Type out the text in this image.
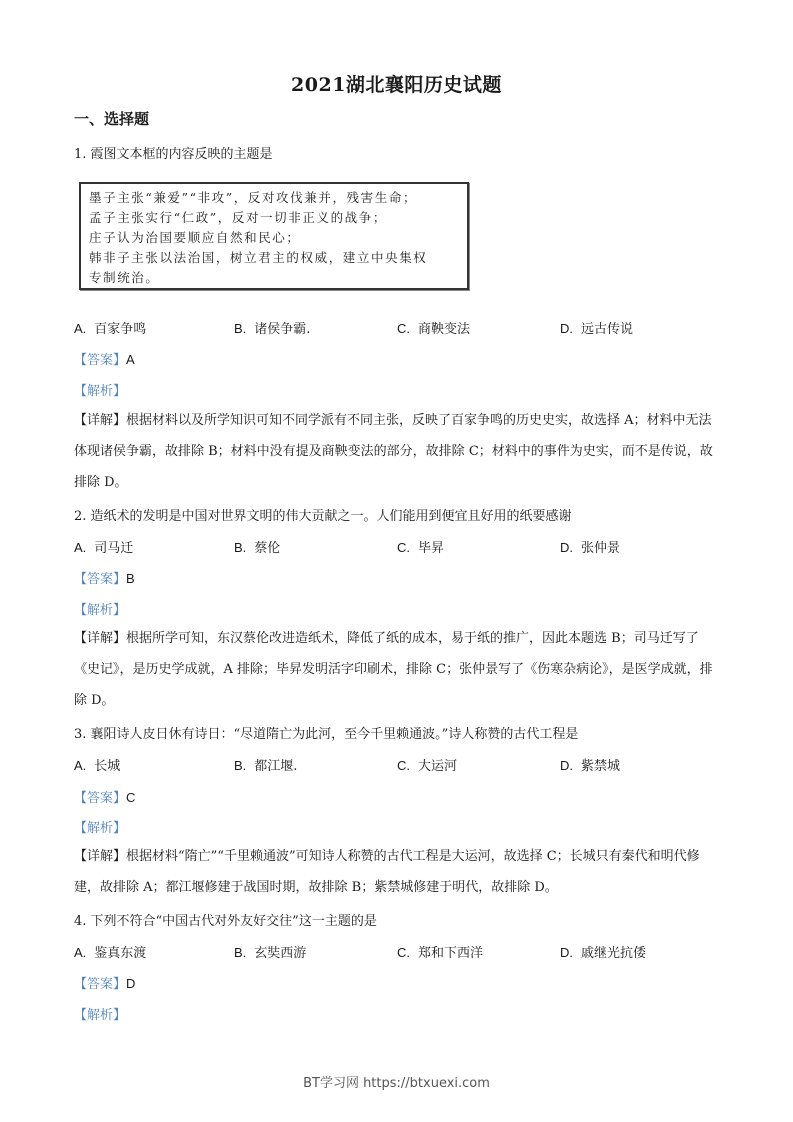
2021湖北襄阳历史试题
一、选择题
1. 霞图文本框的内容反映的主题是
墨子主张“兼爱”“非攻”，反对攻伐兼并，残害生命；
孟子主张实行“仁政”，反对一切非正义的战争；
庄子认为治国要顺应自然和民心；
韩非子主张以法治国，树立君主的权威，建立中央集权
专制统治。
A. 百家争鸣	B. 诸侯争霸.	C. 商鞅变法	D. 远古传说
【答案】A
【解析】
【详解】根据材料以及所学知识可知不同学派有不同主张，反映了百家争鸣的历史史实，故选择 A；材料中无法体现诸侯争霸，故排除 B；材料中没有提及商鞅变法的部分，故排除 C；材料中的事件为史实，而不是传说，故排除 D。
2. 造纸术的发明是中国对世界文明的伟大贡献之一。人们能用到便宜且好用的纸要感谢
A. 司马迁	B. 蔡伦	C. 毕昇	D. 张仲景
【答案】B
【解析】
【详解】根据所学可知，东汉蔡伦改进造纸术，降低了纸的成本，易于纸的推广，因此本题选 B；司马迁写了《史记》，是历史学成就，A 排除；毕昇发明活字印刷术，排除 C；张仲景写了《伤寒杂病论》，是医学成就，排除 D。
3. 襄阳诗人皮日休有诗日：“尽道隋亡为此河，至今千里赖通波。”诗人称赞的古代工程是
A. 长城	B. 都江堰.	C. 大运河	D. 紫禁城
【答案】C
【解析】
【详解】根据材料“隋亡”“千里赖通波”可知诗人称赞的古代工程是大运河，故选择 C；长城只有秦代和明代修建，故排除 A；都江堰修建于战国时期，故排除 B；紫禁城修建于明代，故排除 D。
4. 下列不符合“中国古代对外友好交往”这一主题的是
A. 鉴真东渡	B. 玄奘西游	C. 郑和下西洋	D. 戚继光抗倭
【答案】D
【解析】
BT学习网 https://btxuexi.com
